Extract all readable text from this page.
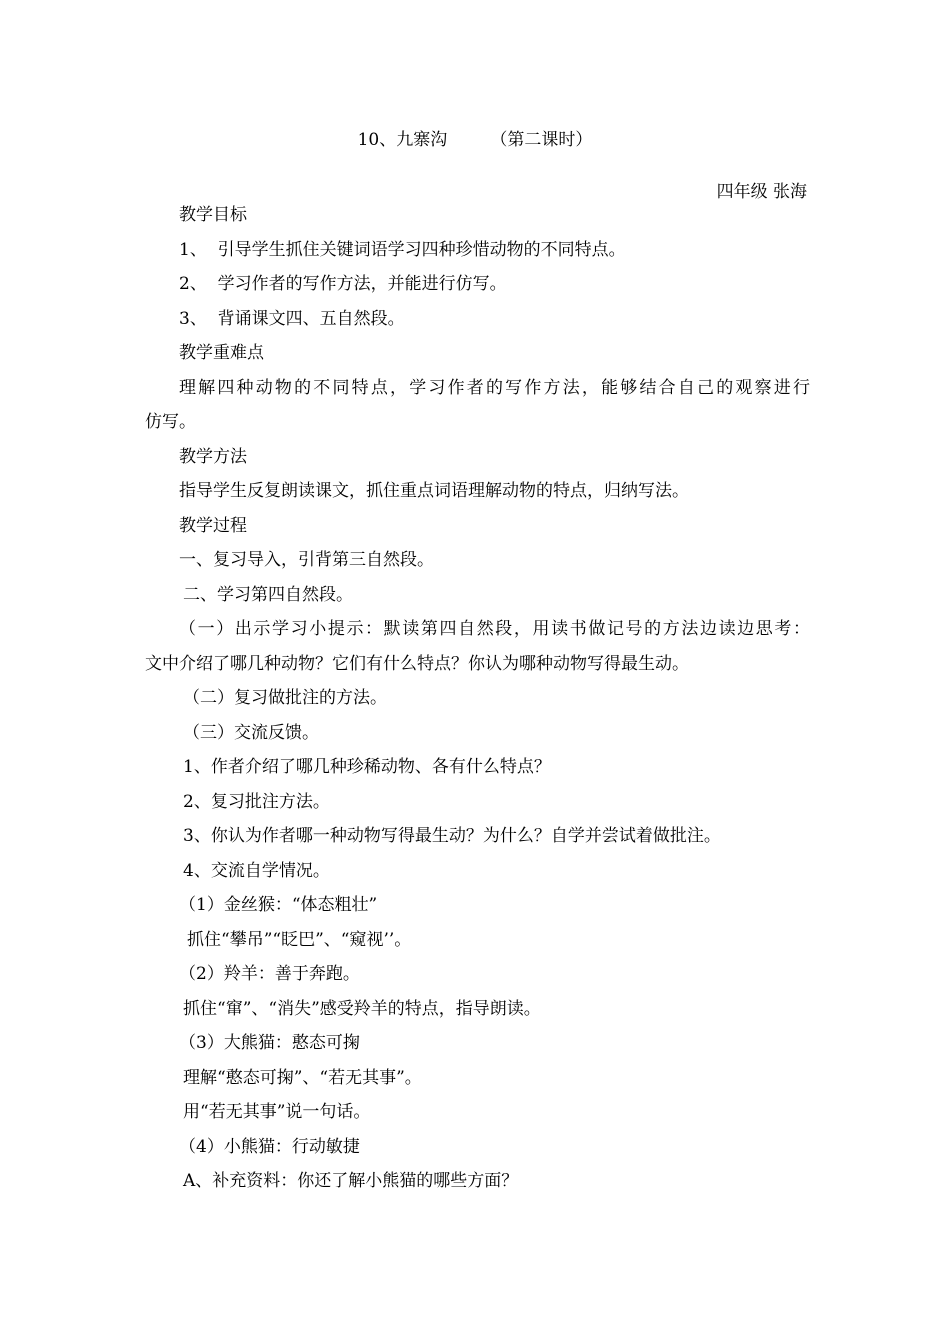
10、九寨沟        （第二课时）
四年级 张海
教学目标
1、  引导学生抓住关键词语学习四种珍惜动物的不同特点。
2、  学习作者的写作方法，并能进行仿写。
3、  背诵课文四、五自然段。
教学重难点
理解四种动物的不同特点，学习作者的写作方法，能够结合自己的观察进行
仿写。
教学方法
指导学生反复朗读课文，抓住重点词语理解动物的特点，归纳写法。
教学过程
一、复习导入，引背第三自然段。
二、学习第四自然段。
（一）出示学习小提示：默读第四自然段，用读书做记号的方法边读边思考：
文中介绍了哪几种动物？它们有什么特点？你认为哪种动物写得最生动。
（二）复习做批注的方法。
（三）交流反馈。
1、作者介绍了哪几种珍稀动物、各有什么特点？
2、复习批注方法。
3、你认为作者哪一种动物写得最生动？为什么？自学并尝试着做批注。
4、交流自学情况。
（1）金丝猴：“体态粗壮”
抓住“攀吊”“眨巴”、“窥视’’。
（2）羚羊：善于奔跑。
抓住“窜”、“消失”感受羚羊的特点，指导朗读。
（3）大熊猫：憨态可掬
理解“憨态可掬”、“若无其事”。
用“若无其事”说一句话。
（4）小熊猫：行动敏捷
A、补充资料：你还了解小熊猫的哪些方面？
